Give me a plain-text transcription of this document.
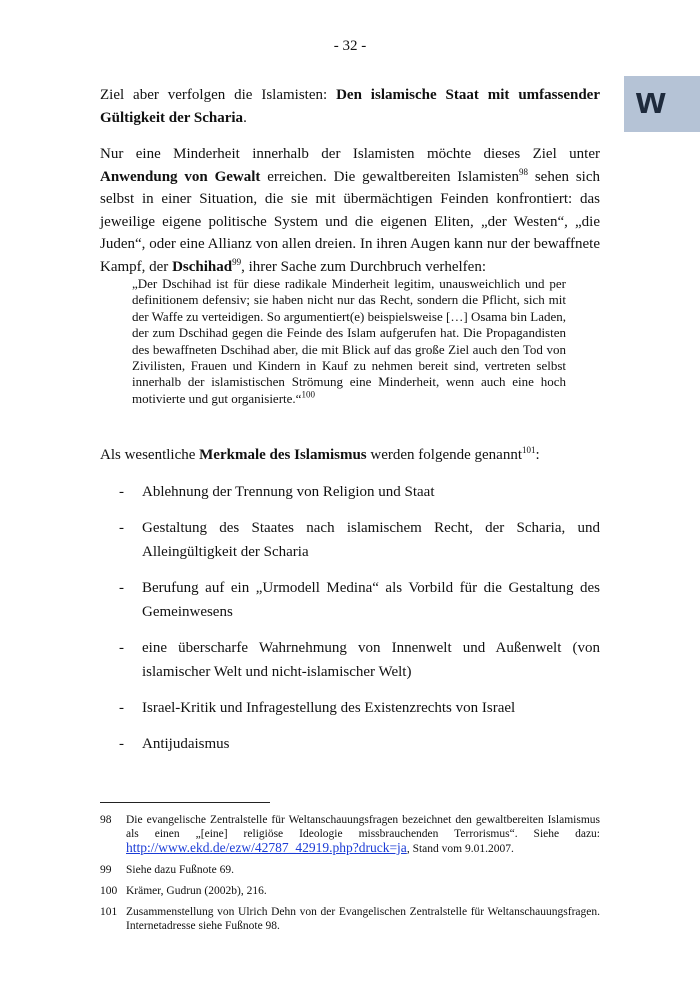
- 32 -
w

Ziel aber verfolgen die Islamisten: Den islamische Staat mit umfassender Gültigkeit der Scharia.

Nur eine Minderheit innerhalb der Islamisten möchte dieses Ziel unter Anwendung von Gewalt erreichen. Die gewaltbereiten Islamisten$^{98}$ sehen sich selbst in einer Situation, die sie mit übermächtigen Feinden konfrontiert: das jeweilige eigene politische System und die eigenen Eliten, „der Westen“, „die Juden“, oder eine Allianz von allen dreien. In ihren Augen kann nur der bewaffnete Kampf, der Dschihad$^{99}$, ihrer Sache zum Durchbruch verhelfen:

„Der Dschihad ist für diese radikale Minderheit legitim, unausweichlich und per definitionem defensiv; sie haben nicht nur das Recht, sondern die Pflicht, sich mit der Waffe zu verteidigen. So argumentiert(e) beispielsweise […] Osama bin Laden, der zum Dschihad gegen die Feinde des Islam aufgerufen hat. Die Propagandisten des bewaffneten Dschihad aber, die mit Blick auf das große Ziel auch den Tod von Zivilisten, Frauen und Kindern in Kauf zu nehmen bereit sind, vertreten selbst innerhalb der islamistischen Strömung eine Minderheit, wenn auch eine hoch motivierte und gut organisierte.“$^{100}$

Als wesentliche Merkmale des Islamismus werden folgende genannt$^{101}$:

- Ablehnung der Trennung von Religion und Staat
- Gestaltung des Staates nach islamischem Recht, der Scharia, und Alleingültigkeit der Scharia
- Berufung auf ein „Urmodell Medina“ als Vorbild für die Gestaltung des Gemeinwesens
- eine überscharfe Wahrnehmung von Innenwelt und Außenwelt (von islamischer Welt und nicht-islamischer Welt)
- Israel-Kritik und Infragestellung des Existenzrechts von Israel
- Antijudaismus
98 Die evangelische Zentralstelle für Weltanschauungsfragen bezeichnet den gewaltbereiten Islamismus als einen „[eine] religiöse Ideologie missbrauchenden Terrorismus“. Siehe dazu: http://www.ekd.de/ezw/42787_42919.php?druck=ja, Stand vom 9.01.2007.
99 Siehe dazu Fußnote 69.
100 Krämer, Gudrun (2002b), 216.
101 Zusammenstellung von Ulrich Dehn von der Evangelischen Zentralstelle für Weltanschauungsfragen. Internetadresse siehe Fußnote 98.
